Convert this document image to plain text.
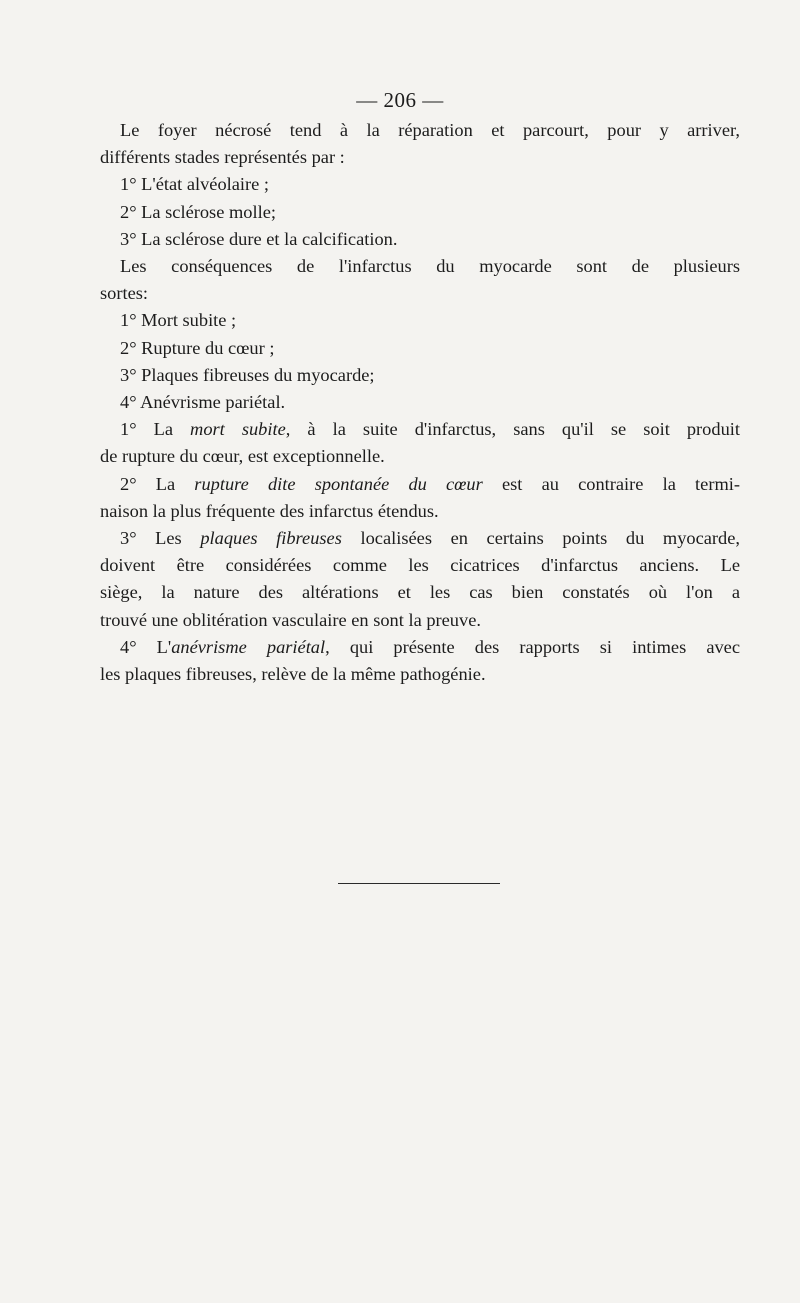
— 206 —
Le foyer nécrosé tend à la réparation et parcourt, pour y arriver,
différents stades représentés par :
1° L'état alvéolaire ;
2° La sclérose molle;
3° La sclérose dure et la calcification.
Les conséquences de l'infarctus du myocarde sont de plusieurs
sortes:
1° Mort subite ;
2° Rupture du cœur ;
3° Plaques fibreuses du myocarde;
4° Anévrisme pariétal.
1° La mort subite, à la suite d'infarctus, sans qu'il se soit produit
de rupture du cœur, est exceptionnelle.
2° La rupture dite spontanée du cœur est au contraire la termi-
naison la plus fréquente des infarctus étendus.
3° Les plaques fibreuses localisées en certains points du myocarde,
doivent être considérées comme les cicatrices d'infarctus anciens. Le
siège, la nature des altérations et les cas bien constatés où l'on a
trouvé une oblitération vasculaire en sont la preuve.
4° L'anévrisme pariétal, qui présente des rapports si intimes avec
les plaques fibreuses, relève de la même pathogénie.
